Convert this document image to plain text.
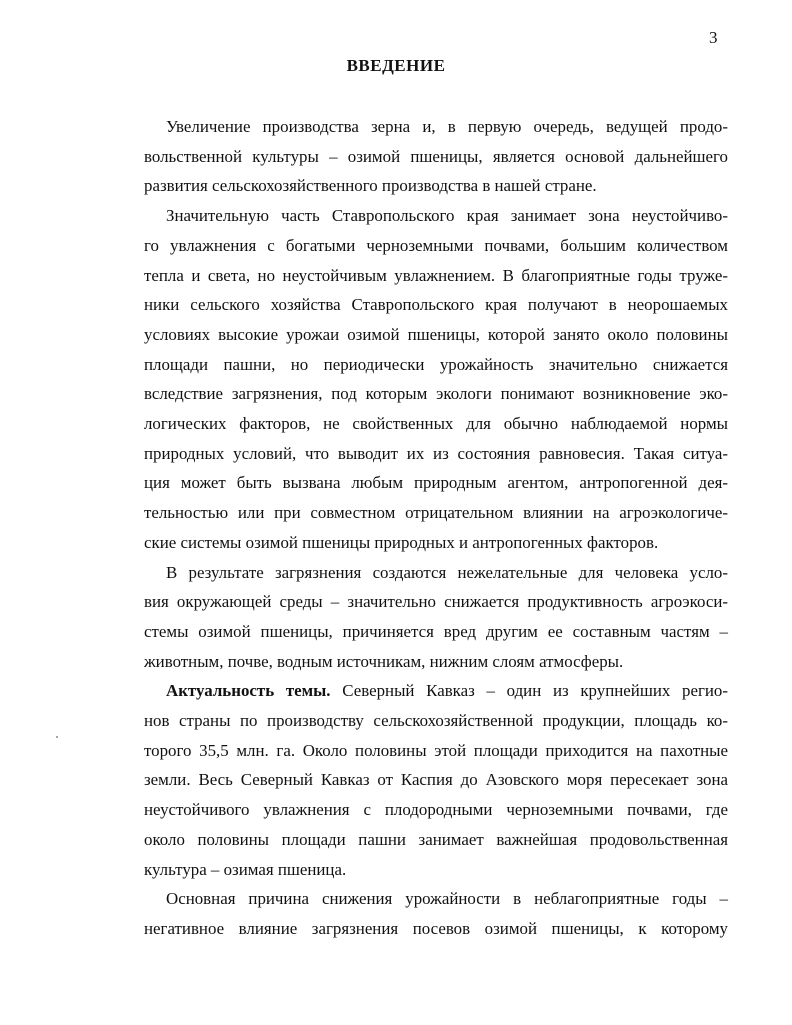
3
ВВЕДЕНИЕ

Увеличение производства зерна и, в первую очередь, ведущей продо-
вольственной культуры – озимой пшеницы, является основой дальнейшего
развития сельскохозяйственного производства в нашей стране.

Значительную часть Ставропольского края занимает зона неустойчиво-
го увлажнения с богатыми черноземными почвами, большим количеством
тепла и света, но неустойчивым увлажнением. В благоприятные годы труже-
ники сельского хозяйства Ставропольского края получают в неорошаемых
условиях высокие урожаи озимой пшеницы, которой занято около половины
площади пашни, но периодически урожайность значительно снижается
вследствие загрязнения, под которым экологи понимают возникновение эко-
логических факторов, не свойственных для обычно наблюдаемой нормы
природных условий, что выводит их из состояния равновесия. Такая ситуа-
ция может быть вызвана любым природным агентом, антропогенной дея-
тельностью или при совместном отрицательном влиянии на агроэкологиче-
ские системы озимой пшеницы природных и антропогенных факторов.

В результате загрязнения создаются нежелательные для человека усло-
вия окружающей среды – значительно снижается продуктивность агроэкоси-
стемы озимой пшеницы, причиняется вред другим ее составным частям –
животным, почве, водным источникам, нижним слоям атмосферы.

Актуальность темы. Северный Кавказ – один из крупнейших регио-
нов страны по производству сельскохозяйственной продукции, площадь ко-
торого 35,5 млн. га. Около половины этой площади приходится на пахотные
земли. Весь Северный Кавказ от Каспия до Азовского моря пересекает зона
неустойчивого увлажнения с плодородными черноземными почвами, где
около половины площади пашни занимает важнейшая продовольственная
культура – озимая пшеница.

Основная причина снижения урожайности в неблагоприятные годы –
негативное влияние загрязнения посевов озимой пшеницы, к которому
